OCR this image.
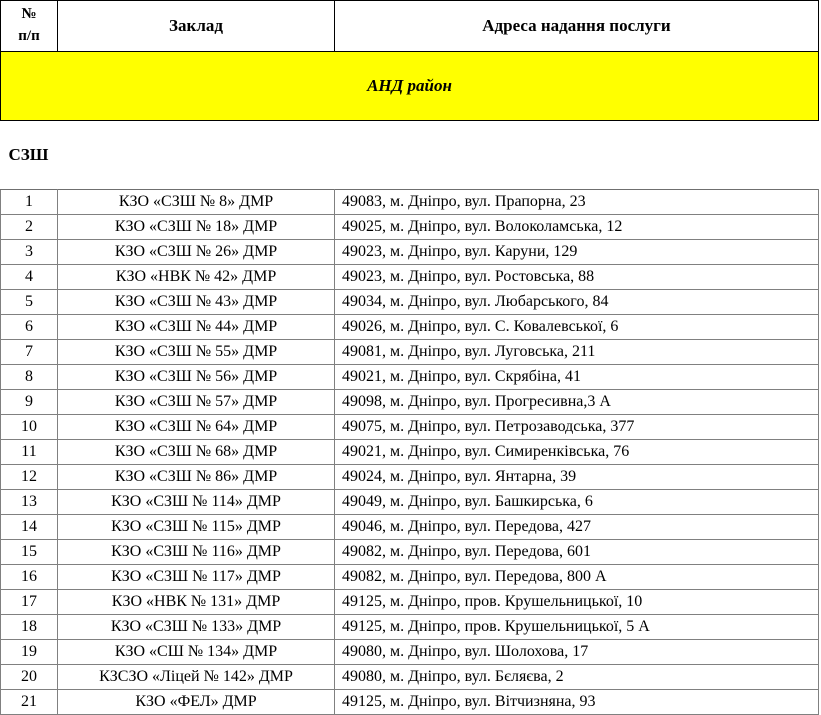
№
п/п	Заклад	Адреса надання послуги
АНД район
СЗШ
1	КЗО «СЗШ № 8» ДМР	49083, м. Дніпро, вул. Прапорна, 23
2	КЗО «СЗШ № 18» ДМР	49025, м. Дніпро, вул. Волоколамська, 12
3	КЗО «СЗШ № 26» ДМР	49023, м. Дніпро, вул. Каруни, 129
4	КЗО «НВК № 42» ДМР	49023, м. Дніпро, вул. Ростовська, 88
5	КЗО «СЗШ № 43» ДМР	49034, м. Дніпро, вул. Любарського, 84
6	КЗО «СЗШ № 44» ДМР	49026, м. Дніпро, вул. С. Ковалевської, 6
7	КЗО «СЗШ № 55» ДМР	49081, м. Дніпро, вул. Луговська, 211
8	КЗО «СЗШ № 56» ДМР	49021, м. Дніпро, вул. Скрябіна, 41
9	КЗО «СЗШ № 57» ДМР	49098, м. Дніпро, вул. Прогресивна,3 А
10	КЗО «СЗШ № 64» ДМР	49075, м. Дніпро, вул. Петрозаводська, 377
11	КЗО «СЗШ № 68» ДМР	49021, м. Дніпро, вул. Симиренківська, 76
12	КЗО «СЗШ № 86» ДМР	49024, м. Дніпро, вул. Янтарна, 39
13	КЗО «СЗШ № 114» ДМР	49049, м. Дніпро, вул. Башкирська, 6
14	КЗО «СЗШ № 115» ДМР	49046, м. Дніпро, вул. Передова, 427
15	КЗО «СЗШ № 116» ДМР	49082, м. Дніпро, вул. Передова, 601
16	КЗО «СЗШ № 117» ДМР	49082, м. Дніпро, вул. Передова, 800 А
17	КЗО «НВК № 131» ДМР	49125, м. Дніпро, пров. Крушельницької, 10
18	КЗО «СЗШ № 133» ДМР	49125, м. Дніпро, пров. Крушельницької, 5 А
19	КЗО «СШ № 134» ДМР	49080, м. Дніпро, вул. Шолохова, 17
20	КЗСЗО «Ліцей № 142» ДМР	49080, м. Дніпро, вул. Бєляєва, 2
21	КЗО «ФЕЛ» ДМР	49125, м. Дніпро, вул. Вітчизняна, 93
